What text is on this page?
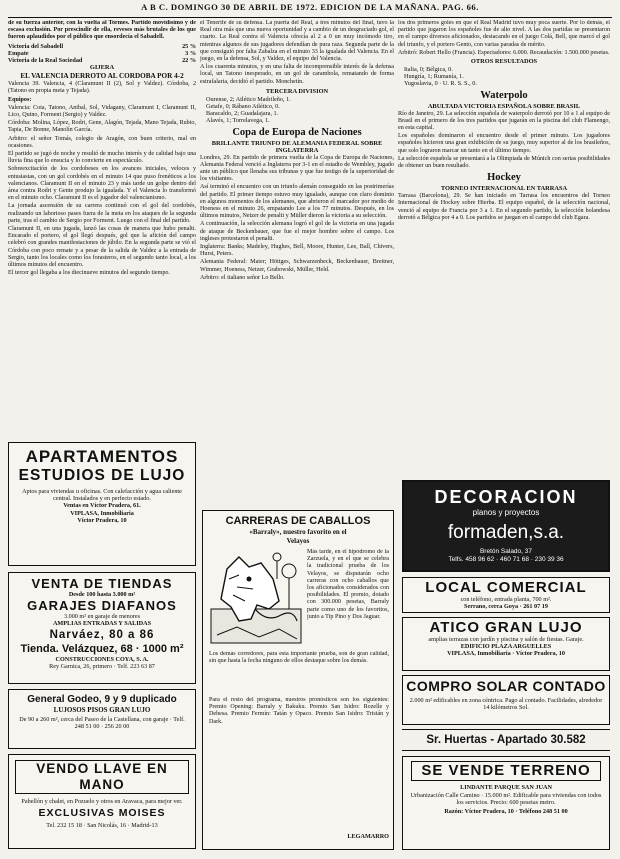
A B C. DOMINGO 30 DE ABRIL DE 1972. EDICION DE LA MAÑANA. PAG. 66.

de su fuerza anterior, con la vuelta al Tormes. Partido movidísimo y de escasa exclusión. Por prescindir de ella, reveses más brutales de los que fueron aplaudidos por el público que ensordecía el Sabadell.

Victoria del Sabadell	25 %
Empate	3 %
Victoria de la Real Sociedad	22 %
GIJERA
EL VALENCIA DERROTO AL CORDOBA POR 4-2

Valencia 39. Valencia, 4 (Claramunt II (2), Sol y Valdez). Córdoba, 2 (Tatono en propia meta y Tejada).

Equipos:

Valencia: Cota, Tatono, Anibal, Sol, Vidagany, Claramunt I, Claramunt II, Lico, Quino, Forment (Sergio) y Valdez.

Córdoba: Molina, López, Rodri, Gene, Alagón, Tejada, Mano Tejada, Rubio, Tapia, De Bonne, Manolín García.

Arbitro: el señor Tomás, colegio de Aragón, con buen criterio, mal en ocasiones.

El partido se jugó de noche y resultó de mucho interés y de calidad bajo una lluvia fina que lo ensucia y lo convierte en espectáculo.

Sobreexcitación de los cordobeses en los avances iniciales, veloces y entusiastas, con un gol cordobés en el minuto 14 que puso frenéticos a los valencianos. Claramunt II en el minuto 23 y más tarde un golpe dentro del área contra Rodri y Gente produjo la igualada. Y el Valencia lo transformó en el minuto ocho. Claramunt II es el jugador del valencianismo.

La jornada ascensión de su carrera continuó con el gol del cordobés, realizando un laborioso pases fuera de la meta en los ataques de la segunda parte, tras el cambio de Sergio por Forment. Luego con el final del partido.

Claramunt II, en una jugada, lanzó las cosas de manera que hubo penalti. Encarado el portero, el gol llegó después, gol que la afición del campo celebró con grandes manifestaciones de júbilo. En la segunda parte se vió el Córdoba con poco remate y a pesar de la salida de Valdez a la entrada de Sergio, tanto los locales como los forasteros, en el segundo tanto local, a los últimos minutos del encuentro.

El tercer gol llegaba a los diecinueve minutos del segundo tiempo.

APARTAMENTOS
ESTUDIOS DE LUJO
Aptos para viviendas u oficinas. Con calefacción y agua caliente central. Instalados y en perfecto estado.
Ventas en Víctor Pradera, 61.
VIPLASA, Inmobiliaria
Víctor Pradera, 10
VENTA DE TIENDAS
Desde 100 hasta 3.000 m²
GARAJES DIAFANOS
3.000 m² en garaje de menores
AMPLIAS ENTRADAS Y SALIDAS
Narváez, 80 a 86
Tienda. Velázquez, 68 · 1000 m²
CONSTRUCCIONES COYA, S. A.
Rey Garnica, 26, primero · Telf. 223 63 87
General Godeo, 9 y 9 duplicado
LUJOSOS PISOS GRAN LUJO
De 90 a 260 m², cerca del Paseo de la Castellana, con garaje · Telf. 248 51 00 · 256 20 00
VENDO LLAVE EN MANO
Pabellón y chalet, en Pozuelo y otros en Aravaca, para mejor ver.
EXCLUSIVAS MOISES
Tel. 232 15 18 · San Nicolás, 16 · Madrid-13

el Tenerife de su defensa. La puerta del Real, a tres minutos del final, tuvo la Real otra más que una nueva oportunidad y a cambio de un desgraciado gol, el cuarto. La Real contra el Valencia ofrecía al 2 a 0 un muy incómodo tiro, mientras algunos de sus jugadores defendían de pura raza. Segunda parte de la que consiguió por falta Zabalza en el minuto 33 la igualada del Valencia. En el juego, en la defensa, Sol, y Valdez, el equipo del Valencia.

A los cuarenta minutos, y en una falta de incomprensible interés de la defensa local, un Tatono inesperado, en un gol de carambola, rematando de forma estrafalaria, decidió el partido. Monchetín.

TERCERA DIVISION
Ourense, 2; Atlético Madrileño, 1.
Getafe, 0; Rábano Atlético, 0.
Baracaldo, 2; Guadalajara, 1.
Alavés, 1; Torrelavega, 1.
Copa de Europa de Naciones
BRILLANTE TRIUNFO DE ALEMANIA FEDERAL SOBRE INGLATERRA

Londres, 29. En partido de primera vuelta de la Copa de Europa de Naciones, Alemania Federal venció a Inglaterra por 3-1 en el estadio de Wembley, jugado ante un público que llenaba sus tribunas y que fue testigo de la superioridad de los visitantes.

Así terminó el encuentro con un triunfo alemán conseguido en las postrimerías del partido. El primer tiempo estuvo muy igualado, aunque con claro dominio en algunos momentos de los alemanes, que abrieron el marcador por medio de Hoeness en el minuto 26, empatando Lee a los 77 minutos. Después, en los últimos minutos, Netzer de penalti y Müller dieron la victoria a su selección.

A continuación, la selección alemana logró el gol de la victoria en una jugada de ataque de Beckenbauer, que fue el mejor hombre sobre el campo. Los ingleses protestaron el penalti.

Inglaterra: Banks; Madeley, Hughes, Bell, Moore, Hunter, Lee, Ball, Chivers, Hurst, Peters.

Alemania Federal: Maier; Höttges, Schwarzenbeck, Beckenbauer, Breitner, Wimmer, Hoeness, Netzer, Grabowski, Müller, Held.

Arbitro: el italiano señor Lo Bello.

CARRERAS DE CABALLOS
«Barraly», nuestro favorito en el
Velayos
Más tarde, en el hipódromo de la Zarzuela, y en el que se celebra la tradicional prueba de los Velayos, se disputarán ocho carreras con ocho caballos que los aficionados considerados con posibilidades. El premio, dotado con 300.000 pesetas, Barraly parte como uno de los favoritos, junto a Tip Pino y Dos Jaguar.
Los demás corredores, para esta importante prueba, son de gran calidad, sin que hasta la fecha ninguno de ellos destaque sobre los demás.
Para el resto del programa, nuestros pronósticos son los siguientes: Premio Opening: Barraly y Bakuku. Premio San Isidro: Rozelle y Dehesa. Premio Fermín: Tatán y Opaco. Premio San Isidro: Tristán y Dark.
LEGAMARRO

los dos primeros goles en que el Real Madrid tuvo muy poca suerte. Por lo demás, el partido que jugaron los españoles fue de alto nivel. A las dos partidas se presentaron en el campo diversos aficionados, destacando en el juego Colá, Bell, que marcó el gol del triunfo, y el portero Gento, con varias paradas de mérito.

Arbitró: Robert Hello (Francia). Espectadores: 6.000. Recaudación: 1.500.000 pesetas.

OTROS RESULTADOS
Italia, 0; Bélgica, 0.
Hungría, 1; Rumanía, 1.
Yugoslavia, 0 · U. R. S. S., 0.
Waterpolo
ABULTADA VICTORIA ESPAÑOLA SOBRE BRASIL

Río de Janeiro, 29. La selección española de waterpolo derrotó por 10 a 1 al equipo de Brasil en el primero de los tres partidos que jugarán en la piscina del club Flamengo, en esta capital.

Los españoles dominaron el encuentro desde el primer minuto. Los jugadores españoles hicieron una gran exhibición de su juego, muy superior al de los brasileños, que solo lograron marcar un tanto en el último tiempo.

La selección española se presentará a la Olimpiada de Múnich con serias posibilidades de obtener un buen resultado.

Hockey
TORNEO INTERNACIONAL EN TARRASA

Tarrasa (Barcelona), 29. Se han iniciado en Tarrasa los encuentros del Torneo Internacional de Hockey sobre Hierba. El equipo español, de la selección nacional, venció al equipo de Francia por 3 a 1. En el segundo partido, la selección holandesa derrotó a Bélgica por 4 a 0. Los partidos se juegan en el campo del club Egara.

DECORACION
planos y proyectos
formaden,s.a.
Bretón Salado, 37
Telfs. 458 96 62 · 460 71 68 · 230 39 36
LOCAL COMERCIAL
con teléfono, entrada planta, 700 m².
Serrano, cerca Goya · 261 07 19
ATICO GRAN LUJO
amplias terrazas con jardín y piscina y salón de fiestas. Garaje.
EDIFICIO PLAZA ARGUELLES
VIPLASA, Inmobiliaria · Víctor Pradera, 10
COMPRO SOLAR CONTADO
2.000 m² edificables en zona céntrica. Pago al contado. Facilidades, alrededor 14 kilómetros Sol.
Sr. Huertas - Apartado 30.582
SE VENDE TERRENO
LINDANTE PARQUE SAN JUAN
Urbanización Calle Camino · 15.000 m². Edificable para viviendas con todos los servicios. Precio: 600 pesetas metro.
Razón: Víctor Pradera, 10 · Teléfono 248 51 00
